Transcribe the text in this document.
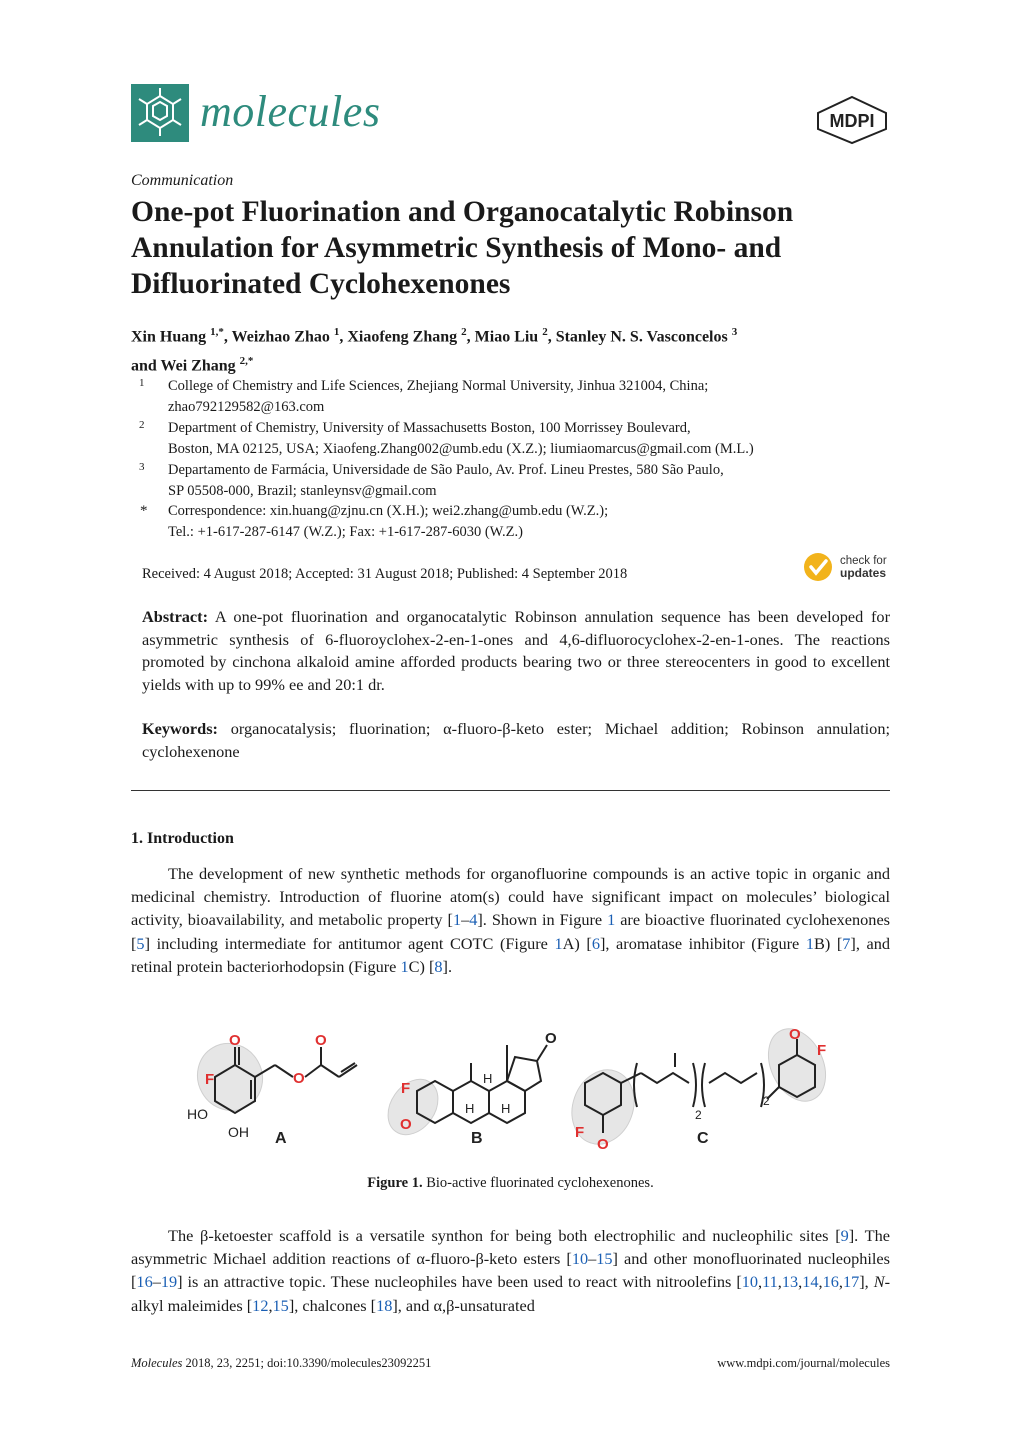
molecules	MDPI
Communication
One-pot Fluorination and Organocatalytic Robinson Annulation for Asymmetric Synthesis of Mono- and Difluorinated Cyclohexenones
Xin Huang $^{1,*}$, Weizhao Zhao $^1$, Xiaofeng Zhang $^2$, Miao Liu $^2$, Stanley N. S. Vasconcelos $^3$
and Wei Zhang $^{2,*}$
1 College of Chemistry and Life Sciences, Zhejiang Normal University, Jinhua 321004, China;
zhao792129582@163.com
2 Department of Chemistry, University of Massachusetts Boston, 100 Morrissey Boulevard,
Boston, MA 02125, USA; Xiaofeng.Zhang002@umb.edu (X.Z.); liumiaomarcus@gmail.com (M.L.)
3 Departamento de Farmácia, Universidade de São Paulo, Av. Prof. Lineu Prestes, 580 São Paulo,
SP 05508-000, Brazil; stanleynsv@gmail.com
* Correspondence: xin.huang@zjnu.cn (X.H.); wei2.zhang@umb.edu (W.Z.);
Tel.: +1-617-287-6147 (W.Z.); Fax: +1-617-287-6030 (W.Z.)
Received: 4 August 2018; Accepted: 31 August 2018; Published: 4 September 2018
check for
updates
Abstract: A one-pot fluorination and organocatalytic Robinson annulation sequence has been developed for asymmetric synthesis of 6-fluoroyclohex-2-en-1-ones and 4,6-difluorocyclohex-2-en-1-ones. The reactions promoted by cinchona alkaloid amine afforded products bearing two or three stereocenters in good to excellent yields with up to 99% ee and 20:1 dr.
Keywords: organocatalysis; fluorination; α-fluoro-β-keto ester; Michael addition; Robinson annulation; cyclohexenone
1. Introduction
The development of new synthetic methods for organofluorine compounds is an active topic in organic and medicinal chemistry. Introduction of fluorine atom(s) could have significant impact on molecules’ biological activity, bioavailability, and metabolic property [1–4]. Shown in Figure 1 are bioactive fluorinated cyclohexenones [5] including intermediate for antitumor agent COTC (Figure 1A) [6], aromatase inhibitor (Figure 1B) [7], and retinal protein bacteriorhodopsin (Figure 1C) [8].
F
O
O
O
HO
OH A
F
O
O
H
H H
B	F
O
O
F
2
2
C
Figure 1. Bio-active fluorinated cyclohexenones.
The β-ketoester scaffold is a versatile synthon for being both electrophilic and nucleophilic sites [9]. The asymmetric Michael addition reactions of α-fluoro-β-keto esters [10–15] and other monofluorinated nucleophiles [16–19] is an attractive topic. These nucleophiles have been used to react with nitroolefins [10,11,13,14,16,17], N-alkyl maleimides [12,15], chalcones [18], and α,β-unsaturated
Molecules 2018, 23, 2251; doi:10.3390/molecules23092251	www.mdpi.com/journal/molecules
